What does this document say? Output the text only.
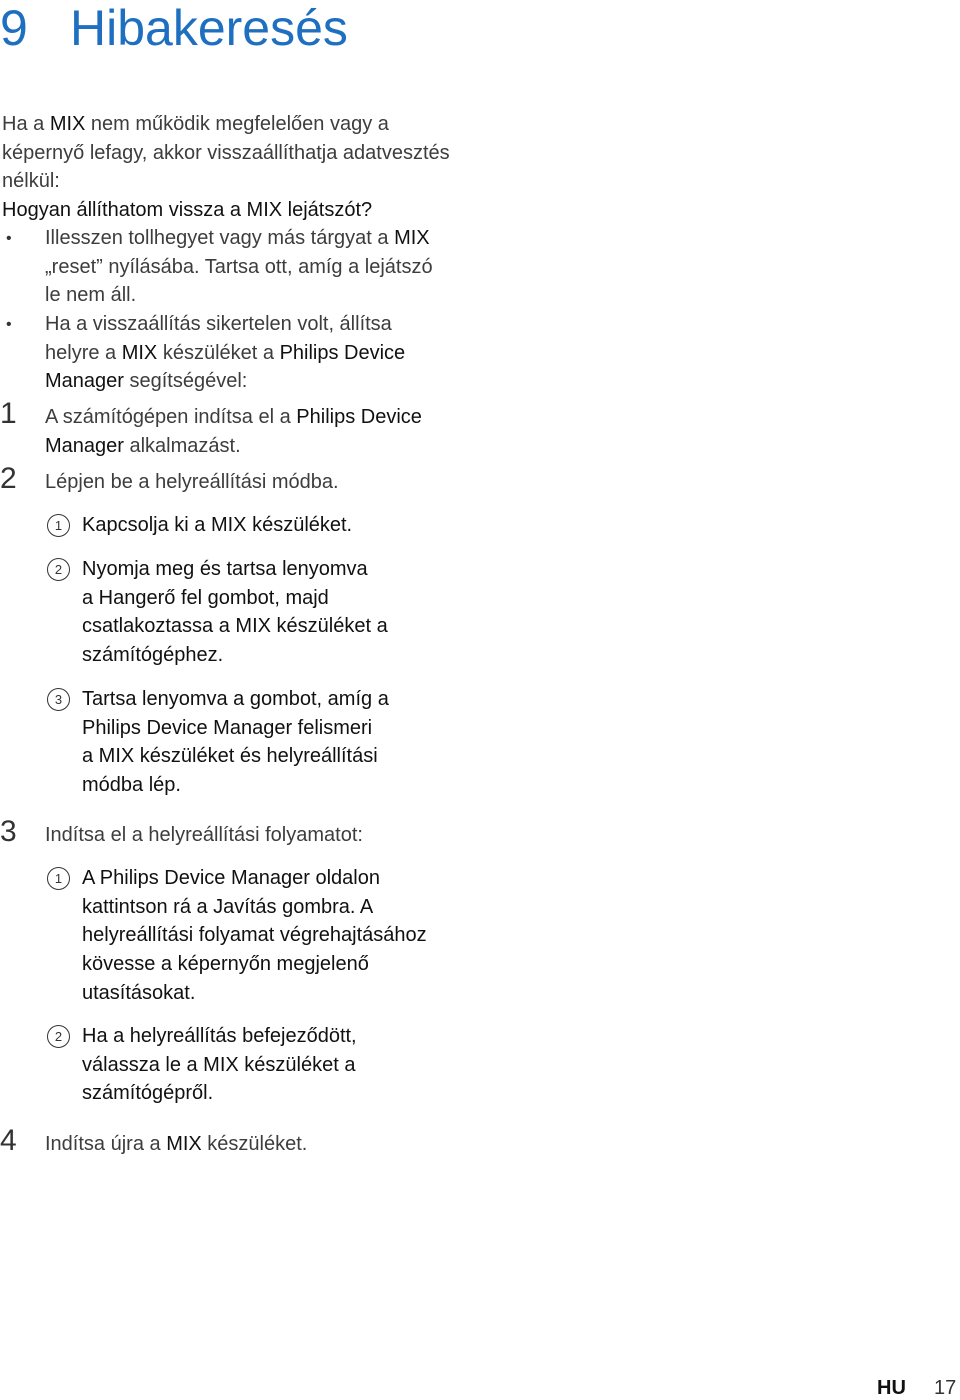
9 Hibakeresés
Ha a MIX nem működik megfelelően vagy a
képernyő lefagy, akkor visszaállíthatja adatvesztés
nélkül:
Hogyan állíthatom vissza a MIX lejátszót?
• Illesszen tollhegyet vagy más tárgyat a MIX
„reset” nyílásába. Tartsa ott, amíg a lejátszó
le nem áll.
• Ha a visszaállítás sikertelen volt, állítsa
helyre a MIX készüléket a Philips Device
Manager segítségével:
1 A számítógépen indítsa el a Philips Device
Manager alkalmazást.
2 Lépjen be a helyreállítási módba.
1 Kapcsolja ki a MIX készüléket.
2 Nyomja meg és tartsa lenyomva
a Hangerő fel gombot, majd
csatlakoztassa a MIX készüléket a
számítógéphez.
3 Tartsa lenyomva a gombot, amíg a
Philips Device Manager felismeri
a MIX készüléket és helyreállítási
módba lép.
3 Indítsa el a helyreállítási folyamatot:
1 A Philips Device Manager oldalon
kattintson rá a Javítás gombra. A
helyreállítási folyamat végrehajtásához
kövesse a képernyőn megjelenő
utasításokat.
2 Ha a helyreállítás befejeződött,
válassza le a MIX készüléket a
számítógépről.
4 Indítsa újra a MIX készüléket.
HU 17
